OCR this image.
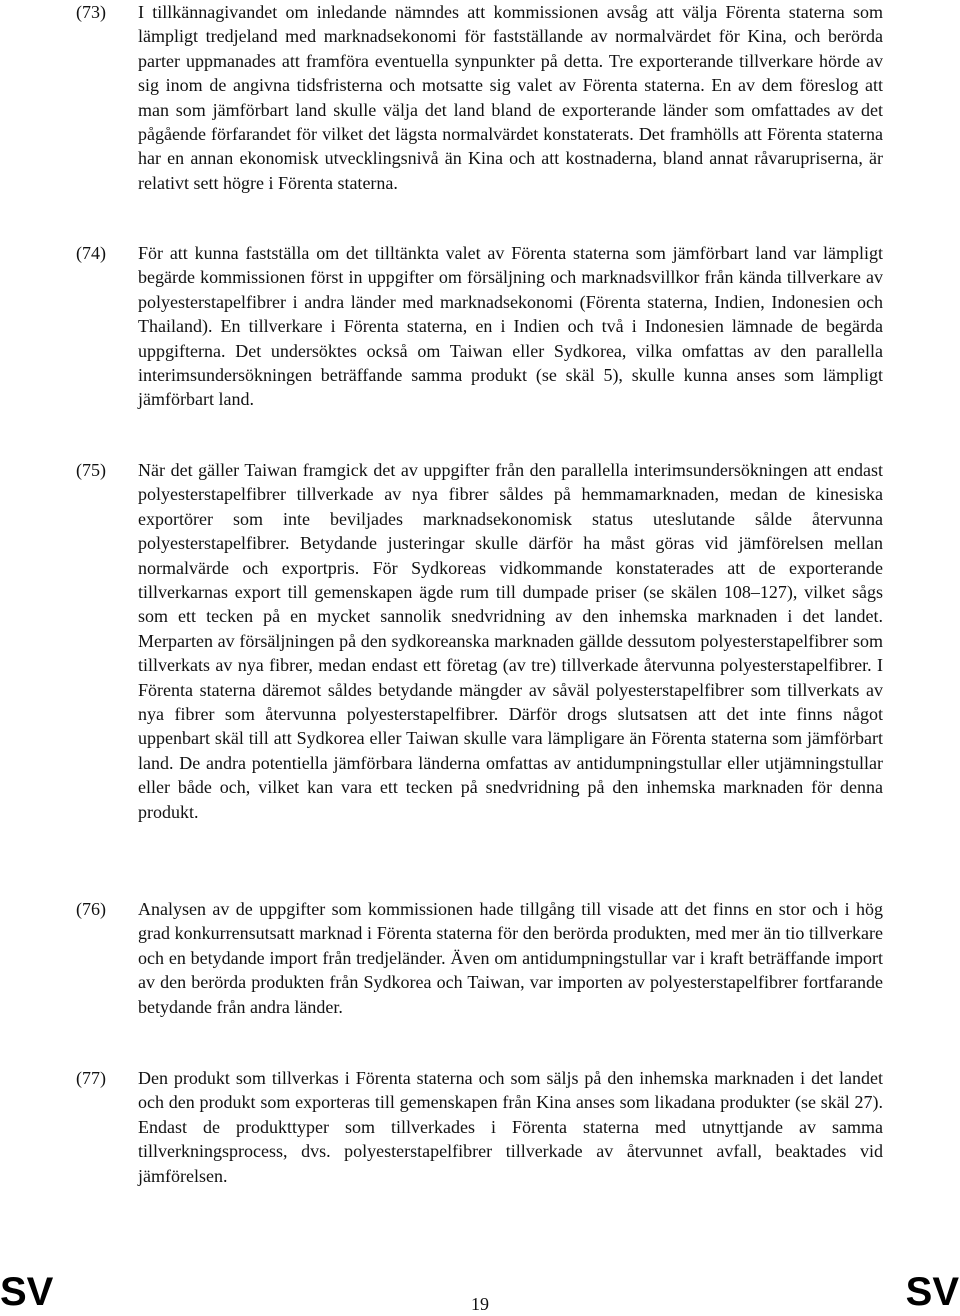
(73) I tillkännagivandet om inledande nämndes att kommissionen avsåg att välja Förenta staterna som lämpligt tredjeland med marknadsekonomi för fastställande av normalvärdet för Kina, och berörda parter uppmanades att framföra eventuella synpunkter på detta. Tre exporterande tillverkare hörde av sig inom de angivna tidsfristerna och motsatte sig valet av Förenta staterna. En av dem föreslog att man som jämförbart land skulle välja det land bland de exporterande länder som omfattades av det pågående förfarandet för vilket det lägsta normalvärdet konstaterats. Det framhölls att Förenta staterna har en annan ekonomisk utvecklingsnivå än Kina och att kostnaderna, bland annat råvarupriserna, är relativt sett högre i Förenta staterna.

(74) För att kunna fastställa om det tilltänkta valet av Förenta staterna som jämförbart land var lämpligt begärde kommissionen först in uppgifter om försäljning och marknadsvillkor från kända tillverkare av polyesterstapelfibrer i andra länder med marknadsekonomi (Förenta staterna, Indien, Indonesien och Thailand). En tillverkare i Förenta staterna, en i Indien och två i Indonesien lämnade de begärda uppgifterna. Det undersöktes också om Taiwan eller Sydkorea, vilka omfattas av den parallella interimsundersökningen beträffande samma produkt (se skäl 5), skulle kunna anses som lämpligt jämförbart land.

(75) När det gäller Taiwan framgick det av uppgifter från den parallella interimsundersökningen att endast polyesterstapelfibrer tillverkade av nya fibrer såldes på hemmamarknaden, medan de kinesiska exportörer som inte beviljades marknadsekonomisk status uteslutande sålde återvunna polyesterstapelfibrer. Betydande justeringar skulle därför ha måst göras vid jämförelsen mellan normalvärde och exportpris. För Sydkoreas vidkommande konstaterades att de exporterande tillverkarnas export till gemenskapen ägde rum till dumpade priser (se skälen 108–127), vilket sågs som ett tecken på en mycket sannolik snedvridning av den inhemska marknaden i det landet. Merparten av försäljningen på den sydkoreanska marknaden gällde dessutom polyesterstapelfibrer som tillverkats av nya fibrer, medan endast ett företag (av tre) tillverkade återvunna polyesterstapelfibrer. I Förenta staterna däremot såldes betydande mängder av såväl polyesterstapelfibrer som tillverkats av nya fibrer som återvunna polyesterstapelfibrer. Därför drogs slutsatsen att det inte finns något uppenbart skäl till att Sydkorea eller Taiwan skulle vara lämpligare än Förenta staterna som jämförbart land. De andra potentiella jämförbara länderna omfattas av antidumpningstullar eller utjämningstullar eller både och, vilket kan vara ett tecken på snedvridning på den inhemska marknaden för denna produkt.

(76) Analysen av de uppgifter som kommissionen hade tillgång till visade att det finns en stor och i hög grad konkurrensutsatt marknad i Förenta staterna för den berörda produkten, med mer än tio tillverkare och en betydande import från tredjeländer. Även om antidumpningstullar var i kraft beträffande import av den berörda produkten från Sydkorea och Taiwan, var importen av polyesterstapelfibrer fortfarande betydande från andra länder.

(77) Den produkt som tillverkas i Förenta staterna och som säljs på den inhemska marknaden i det landet och den produkt som exporteras till gemenskapen från Kina anses som likadana produkter (se skäl 27). Endast de produkttyper som tillverkades i Förenta staterna med utnyttjande av samma tillverkningsprocess, dvs. polyesterstapelfibrer tillverkade av återvunnet avfall, beaktades vid jämförelsen.

SV	19	SV
